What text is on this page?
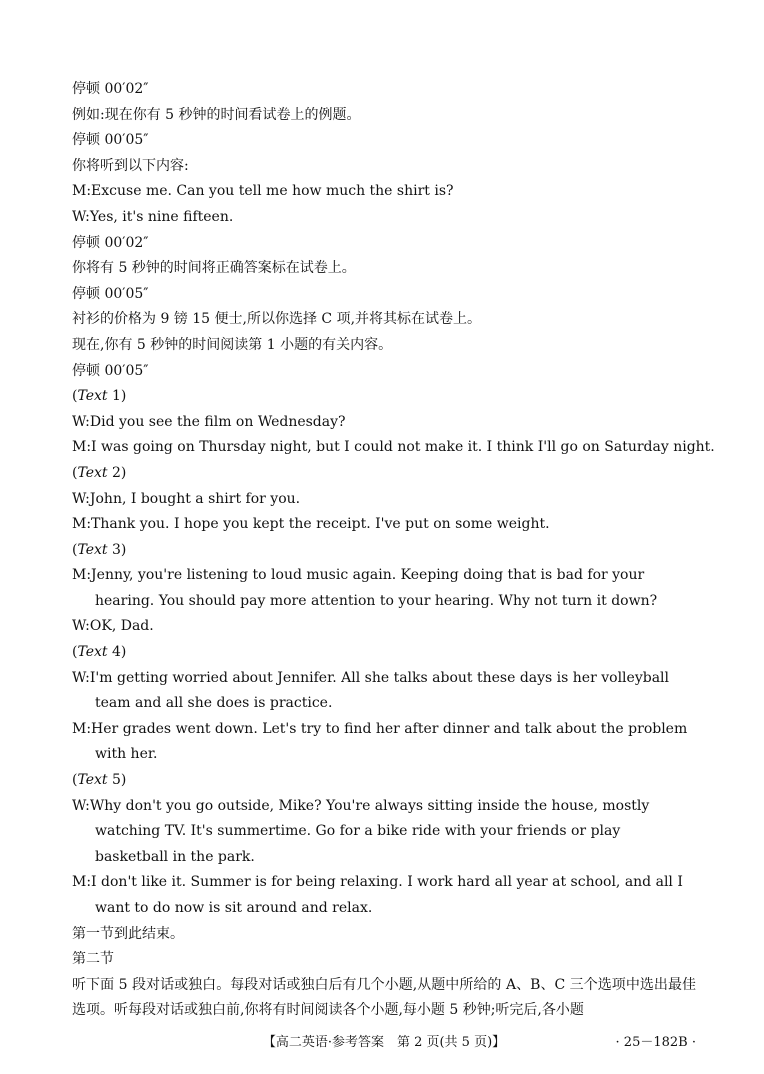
停顿 00′02″
例如:现在你有 5 秒钟的时间看试卷上的例题。
停顿 00′05″
你将听到以下内容:
M:Excuse me. Can you tell me how much the shirt is?
W:Yes, it's nine fifteen.
停顿 00′02″
你将有 5 秒钟的时间将正确答案标在试卷上。
停顿 00′05″
衬衫的价格为 9 镑 15 便士,所以你选择 C 项,并将其标在试卷上。
现在,你有 5 秒钟的时间阅读第 1 小题的有关内容。
停顿 00′05″
(Text 1)
W:Did you see the film on Wednesday?
M:I was going on Thursday night, but I could not make it. I think I'll go on Saturday night.
(Text 2)
W:John, I bought a shirt for you.
M:Thank you. I hope you kept the receipt. I've put on some weight.
(Text 3)
M:Jenny, you're listening to loud music again. Keeping doing that is bad for your hearing. You should pay more attention to your hearing. Why not turn it down?
W:OK, Dad.
(Text 4)
W:I'm getting worried about Jennifer. All she talks about these days is her volleyball team and all she does is practice.
M:Her grades went down. Let's try to find her after dinner and talk about the problem with her.
(Text 5)
W:Why don't you go outside, Mike? You're always sitting inside the house, mostly watching TV. It's summertime. Go for a bike ride with your friends or play basketball in the park.
M:I don't like it. Summer is for being relaxing. I work hard all year at school, and all I want to do now is sit around and relax.
第一节到此结束。
第二节
听下面 5 段对话或独白。每段对话或独白后有几个小题,从题中所给的 A、B、C 三个选项中选出最佳选项。听每段对话或独白前,你将有时间阅读各个小题,每小题 5 秒钟;听完后,各小题
【高二英语·参考答案　第 2 页(共 5 页)】	· 25－182B ·
